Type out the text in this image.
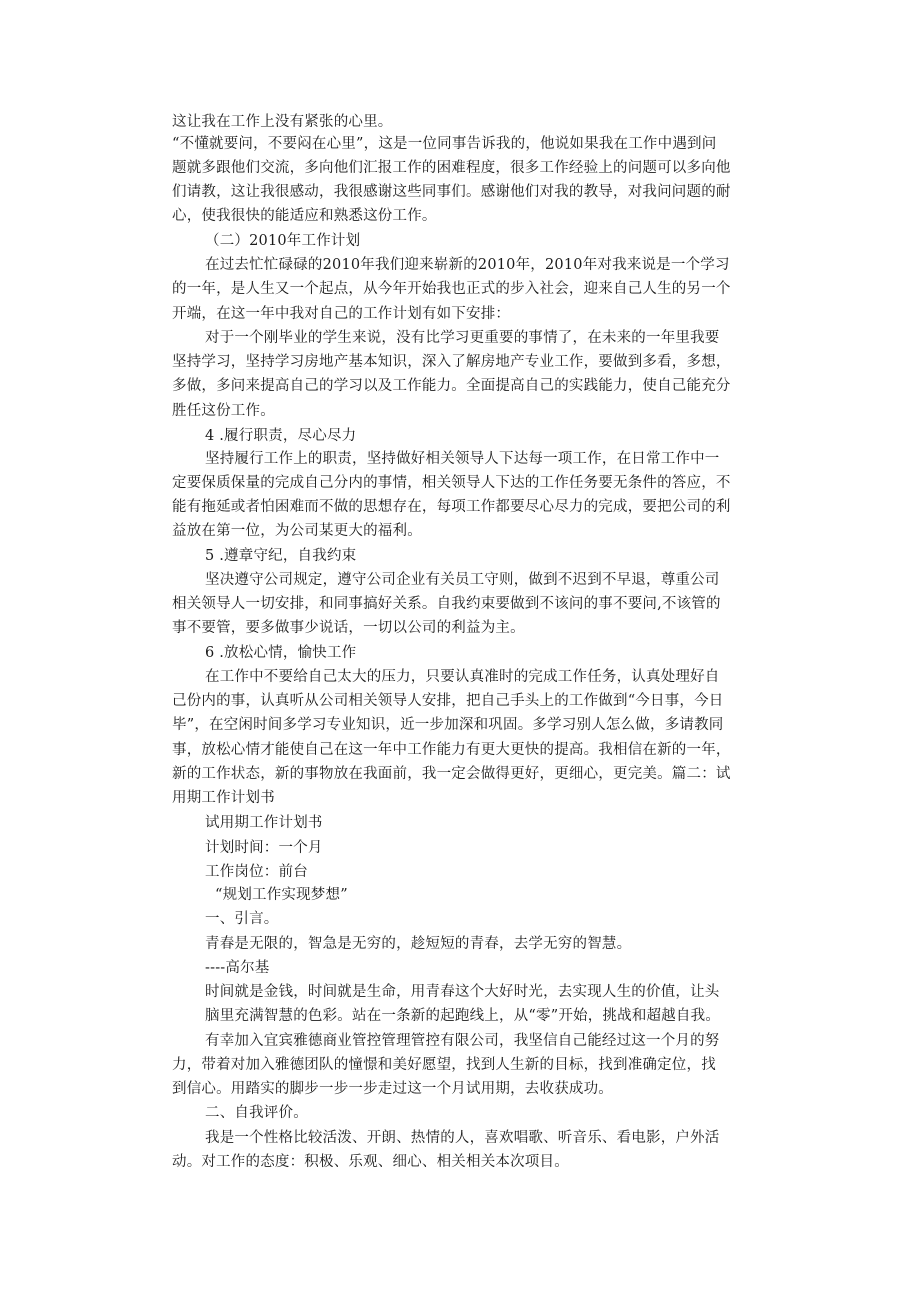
这让我在工作上没有紧张的心里。
“不懂就要问，不要闷在心里”，这是一位同事告诉我的，他说如果我在工作中遇到问
题就多跟他们交流，多向他们汇报工作的困难程度，很多工作经验上的问题可以多向他
们请教，这让我很感动，我很感谢这些同事们。感谢他们对我的教导，对我问问题的耐
心，使我很快的能适应和熟悉这份工作。
（二）2010年工作计划
在过去忙忙碌碌的2010年我们迎来崭新的2010年，2010年对我来说是一个学习
的一年，是人生又一个起点，从今年开始我也正式的步入社会，迎来自己人生的另一个
开端，在这一年中我对自己的工作计划有如下安排：
对于一个刚毕业的学生来说，没有比学习更重要的事情了，在未来的一年里我要
坚持学习，坚持学习房地产基本知识，深入了解房地产专业工作，要做到多看，多想，
多做，多问来提高自己的学习以及工作能力。全面提高自己的实践能力，使自己能充分
胜任这份工作。
4 .履行职责，尽心尽力
坚持履行工作上的职责，坚持做好相关领导人下达每一项工作，在日常工作中一
定要保质保量的完成自己分内的事情，相关领导人下达的工作任务要无条件的答应，不
能有拖延或者怕困难而不做的思想存在，每项工作都要尽心尽力的完成，要把公司的利
益放在第一位，为公司某更大的福利。
5 .遵章守纪，自我约束
坚决遵守公司规定，遵守公司企业有关员工守则，做到不迟到不早退，尊重公司
相关领导人一切安排，和同事搞好关系。自我约束要做到不该问的事不要问,不该管的
事不要管，要多做事少说话，一切以公司的利益为主。
6 .放松心情，愉快工作
在工作中不要给自己太大的压力，只要认真准时的完成工作任务，认真处理好自
己份内的事，认真听从公司相关领导人安排，把自己手头上的工作做到“今日事，今日
毕”，在空闲时间多学习专业知识，近一步加深和巩固。多学习别人怎么做，多请教同
事，放松心情才能使自己在这一年中工作能力有更大更快的提高。我相信在新的一年，
新的工作状态，新的事物放在我面前，我一定会做得更好，更细心，更完美。篇二：试
用期工作计划书
试用期工作计划书
计划时间：一个月
工作岗位：前台
“规划工作实现梦想”
一、引言。
青春是无限的，智急是无穷的，趁短短的青春，去学无穷的智慧。
----高尔基
时间就是金钱，时间就是生命，用青春这个大好时光，去实现人生的价值，让头
脑里充满智慧的色彩。站在一条新的起跑线上，从“零”开始，挑战和超越自我。
有幸加入宜宾雅德商业管控管理管控有限公司，我坚信自己能经过这一个月的努
力，带着对加入雅德团队的憧憬和美好愿望，找到人生新的目标，找到准确定位，找
到信心。用踏实的脚步一步一步走过这一个月试用期，去收获成功。
二、自我评价。
我是一个性格比较活泼、开朗、热情的人，喜欢唱歌、听音乐、看电影，户外活
动。对工作的态度：积极、乐观、细心、相关相关本次项目。
